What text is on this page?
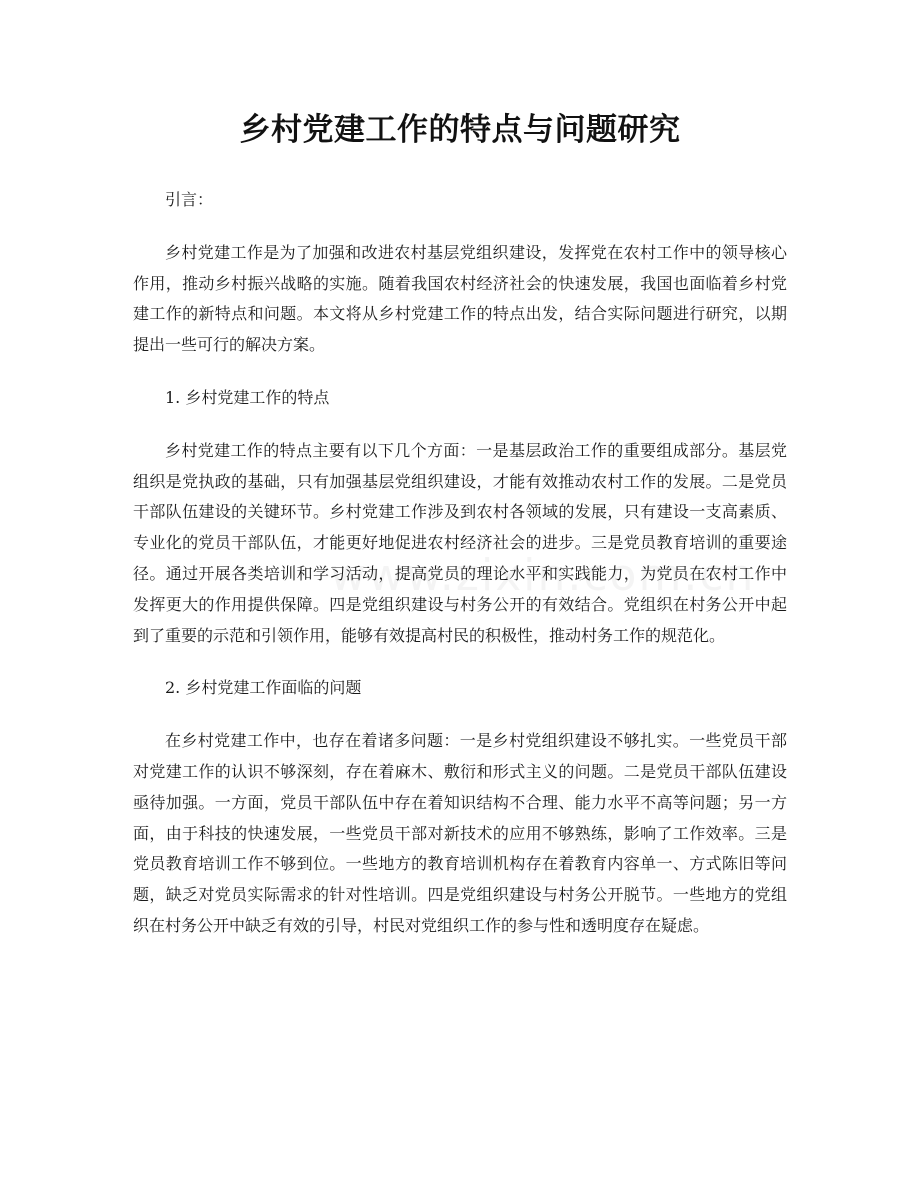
乡村党建工作的特点与问题研究

引言：

乡村党建工作是为了加强和改进农村基层党组织建设，发挥党在农村工作中的领导核心作用，推动乡村振兴战略的实施。随着我国农村经济社会的快速发展，我国也面临着乡村党建工作的新特点和问题。本文将从乡村党建工作的特点出发，结合实际问题进行研究，以期提出一些可行的解决方案。

1. 乡村党建工作的特点

乡村党建工作的特点主要有以下几个方面：一是基层政治工作的重要组成部分。基层党组织是党执政的基础，只有加强基层党组织建设，才能有效推动农村工作的发展。二是党员干部队伍建设的关键环节。乡村党建工作涉及到农村各领域的发展，只有建设一支高素质、专业化的党员干部队伍，才能更好地促进农村经济社会的进步。三是党员教育培训的重要途径。通过开展各类培训和学习活动，提高党员的理论水平和实践能力，为党员在农村工作中发挥更大的作用提供保障。四是党组织建设与村务公开的有效结合。党组织在村务公开中起到了重要的示范和引领作用，能够有效提高村民的积极性，推动村务工作的规范化。

2. 乡村党建工作面临的问题

在乡村党建工作中，也存在着诸多问题：一是乡村党组织建设不够扎实。一些党员干部对党建工作的认识不够深刻，存在着麻木、敷衍和形式主义的问题。二是党员干部队伍建设亟待加强。一方面，党员干部队伍中存在着知识结构不合理、能力水平不高等问题；另一方面，由于科技的快速发展，一些党员干部对新技术的应用不够熟练，影响了工作效率。三是党员教育培训工作不够到位。一些地方的教育培训机构存在着教育内容单一、方式陈旧等问题，缺乏对党员实际需求的针对性培训。四是党组织建设与村务公开脱节。一些地方的党组织在村务公开中缺乏有效的引导，村民对党组织工作的参与性和透明度存在疑虑。
